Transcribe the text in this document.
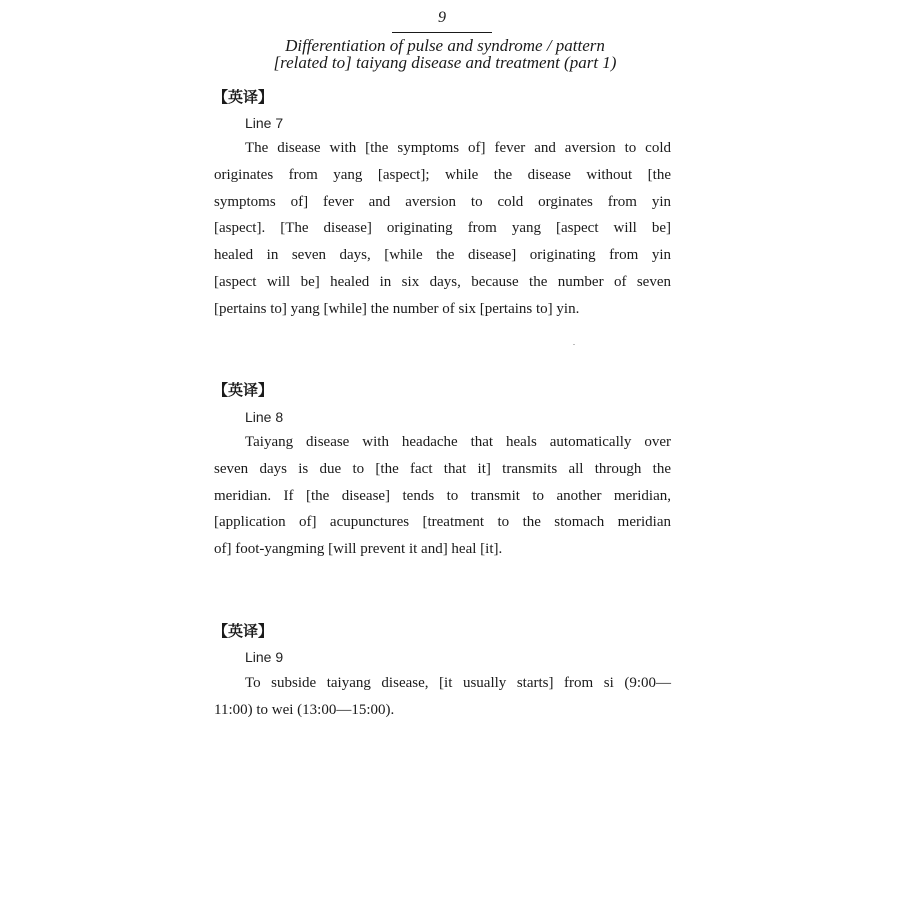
9
Differentiation of pulse and syndrome / pattern
[related to] taiyang disease and treatment (part 1)
【英译】
Line 7

The disease with [the symptoms of] fever and aversion to cold
originates from yang [aspect]; while the disease without [the
symptoms of] fever and aversion to cold orginates from yin
[aspect]. [The disease] originating from yang [aspect will be]
healed in seven days, [while the disease] originating from yin
[aspect will be] healed in six days, because the number of seven
[pertains to] yang [while] the number of six [pertains to] yin.

【英译】
Line 8

Taiyang disease with headache that heals automatically over
seven days is due to [the fact that it] transmits all through the
meridian. If [the disease] tends to transmit to another meridian,
[application of] acupunctures [treatment to the stomach meridian
of] foot-yangming [will prevent it and] heal [it].

【英译】
Line 9

To subside taiyang disease, [it usually starts] from si (9:00—
11:00) to wei (13:00—15:00).
